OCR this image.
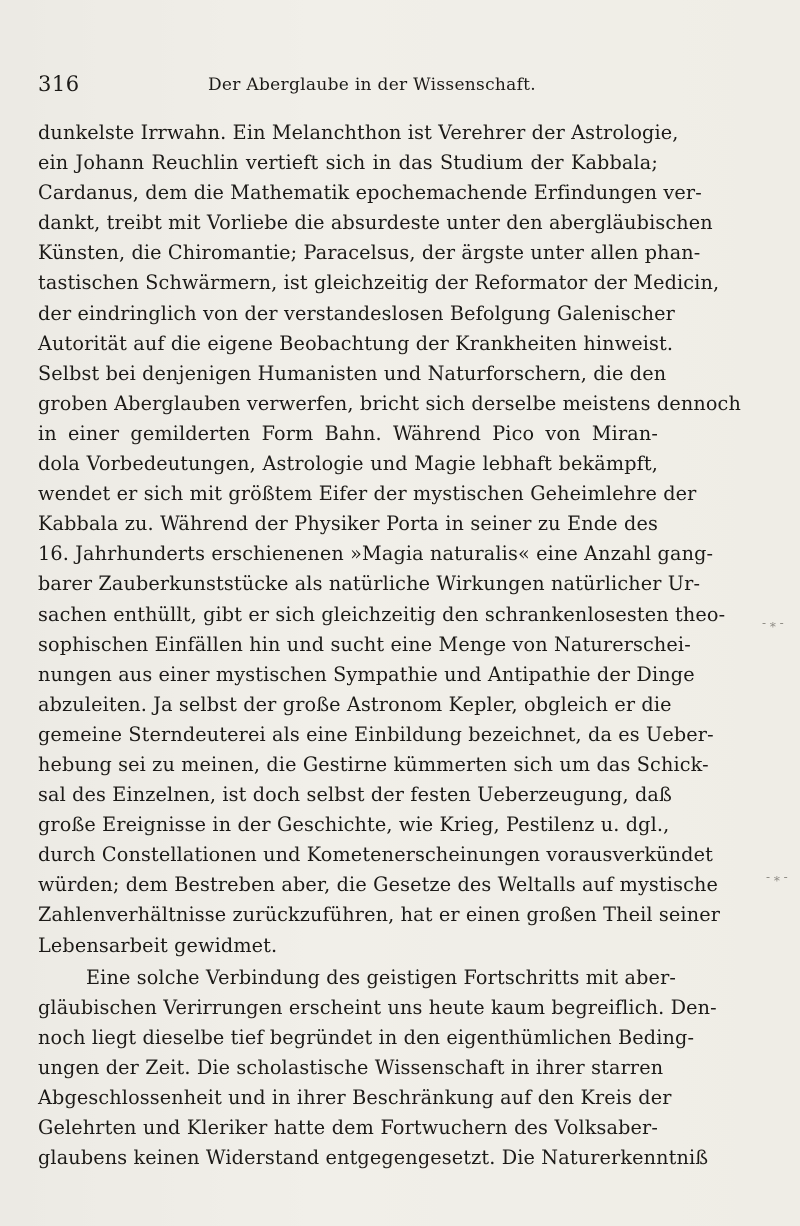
316	Der Aberglaube in der Wissenschaft.
dunkelste Irrwahn. Ein Melanchthon ist Verehrer der Astrologie,
ein Johann Reuchlin vertieft sich in das Studium der Kabbala;
Cardanus, dem die Mathematik epochemachende Erfindungen ver-
dankt, treibt mit Vorliebe die absurdeste unter den abergläubischen
Künsten, die Chiromantie; Paracelsus, der ärgste unter allen phan-
tastischen Schwärmern, ist gleichzeitig der Reformator der Medicin,
der eindringlich von der verstandeslosen Befolgung Galenischer
Autorität auf die eigene Beobachtung der Krankheiten hinweist.
Selbst bei denjenigen Humanisten und Naturforschern, die den
groben Aberglauben verwerfen, bricht sich derselbe meistens dennoch
in einer gemilderten Form Bahn. Während Pico von Miran-
dola Vorbedeutungen, Astrologie und Magie lebhaft bekämpft,
wendet er sich mit größtem Eifer der mystischen Geheimlehre der
Kabbala zu. Während der Physiker Porta in seiner zu Ende des
16. Jahrhunderts erschienenen »Magia naturalis« eine Anzahl gang-
barer Zauberkunststücke als natürliche Wirkungen natürlicher Ur-
sachen enthüllt, gibt er sich gleichzeitig den schrankenlosesten theo-
sophischen Einfällen hin und sucht eine Menge von Naturerschei-
nungen aus einer mystischen Sympathie und Antipathie der Dinge
abzuleiten. Ja selbst der große Astronom Kepler, obgleich er die
gemeine Sterndeuterei als eine Einbildung bezeichnet, da es Ueber-
hebung sei zu meinen, die Gestirne kümmerten sich um das Schick-
sal des Einzelnen, ist doch selbst der festen Ueberzeugung, daß
große Ereignisse in der Geschichte, wie Krieg, Pestilenz u. dgl.,
durch Constellationen und Kometenerscheinungen vorausverkündet
würden; dem Bestreben aber, die Gesetze des Weltalls auf mystische
Zahlenverhältnisse zurückzuführen, hat er einen großen Theil seiner
Lebensarbeit gewidmet.
Eine solche Verbindung des geistigen Fortschritts mit aber-
gläubischen Verirrungen erscheint uns heute kaum begreiflich. Den-
noch liegt dieselbe tief begründet in den eigenthümlichen Beding-
ungen der Zeit. Die scholastische Wissenschaft in ihrer starren
Abgeschlossenheit und in ihrer Beschränkung auf den Kreis der
Gelehrten und Kleriker hatte dem Fortwuchern des Volksaber-
glaubens keinen Widerstand entgegengesetzt. Die Naturerkenntniß
- ⁎ -
- ⁎ -
